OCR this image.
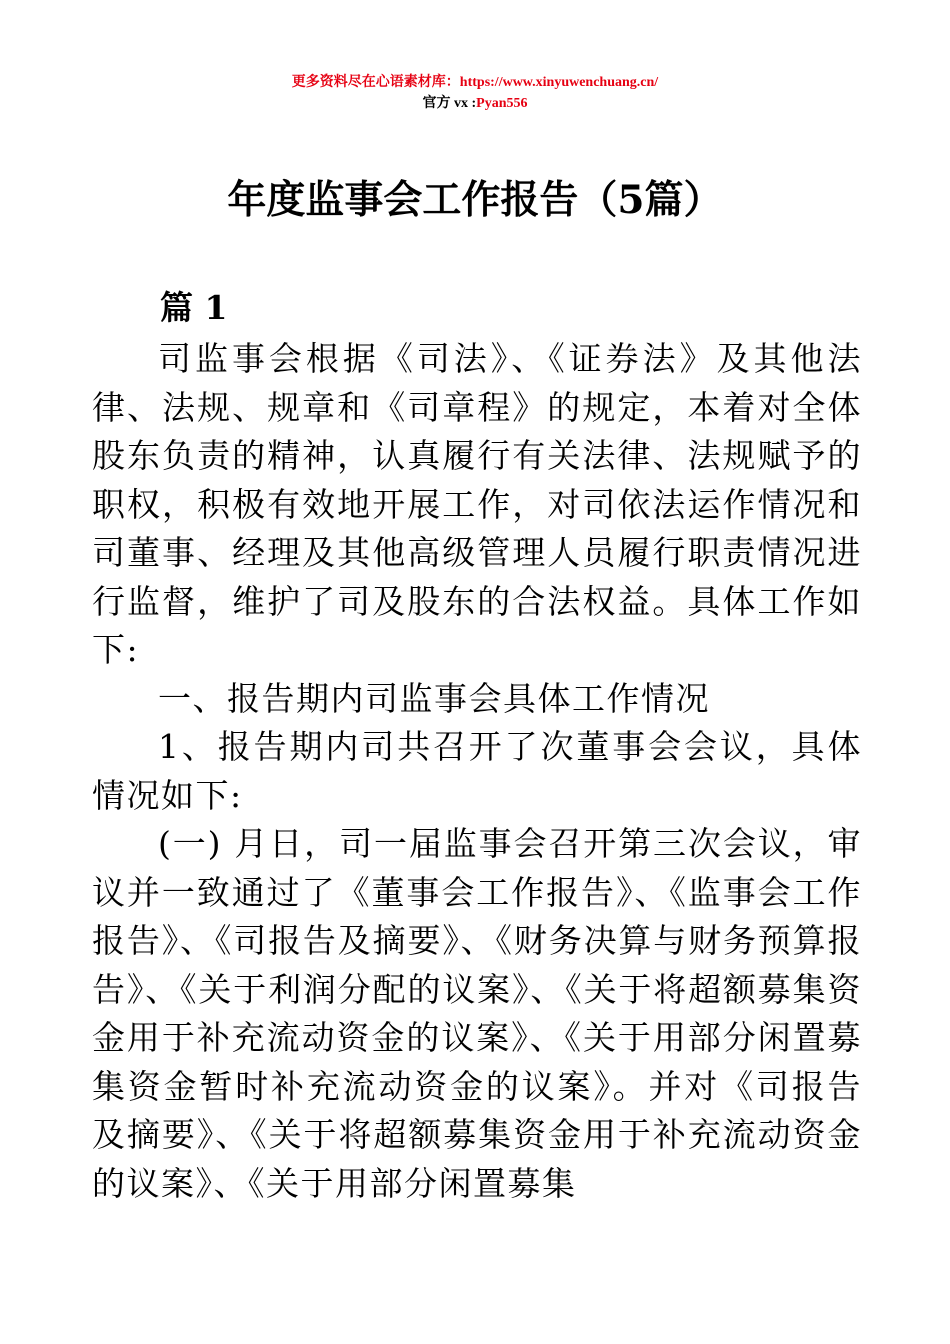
更多资料尽在心语素材库：https://www.xinyuwenchuang.cn/
官方 vx :Pyan556
年度监事会工作报告（5篇）
篇 1

司监事会根据《司法》、《证券法》及其他法律、法规、规章和《司章程》的规定，本着对全体股东负责的精神，认真履行有关法律、法规赋予的职权，积极有效地开展工作，对司依法运作情况和司董事、经理及其他高级管理人员履行职责情况进行监督，维护了司及股东的合法权益。具体工作如下:

一、报告期内司监事会具体工作情况

1、报告期内司共召开了次董事会会议，具体情况如下:

(一) 月日，司一届监事会召开第三次会议，审议并一致通过了《董事会工作报告》、《监事会工作报告》、《司报告及摘要》、《财务决算与财务预算报告》、《关于利润分配的议案》、《关于将超额募集资金用于补充流动资金的议案》、《关于用部分闲置募集资金暂时补充流动资金的议案》。并对《司报告及摘要》、《关于将超额募集资金用于补充流动资金的议案》、《关于用部分闲置募集
